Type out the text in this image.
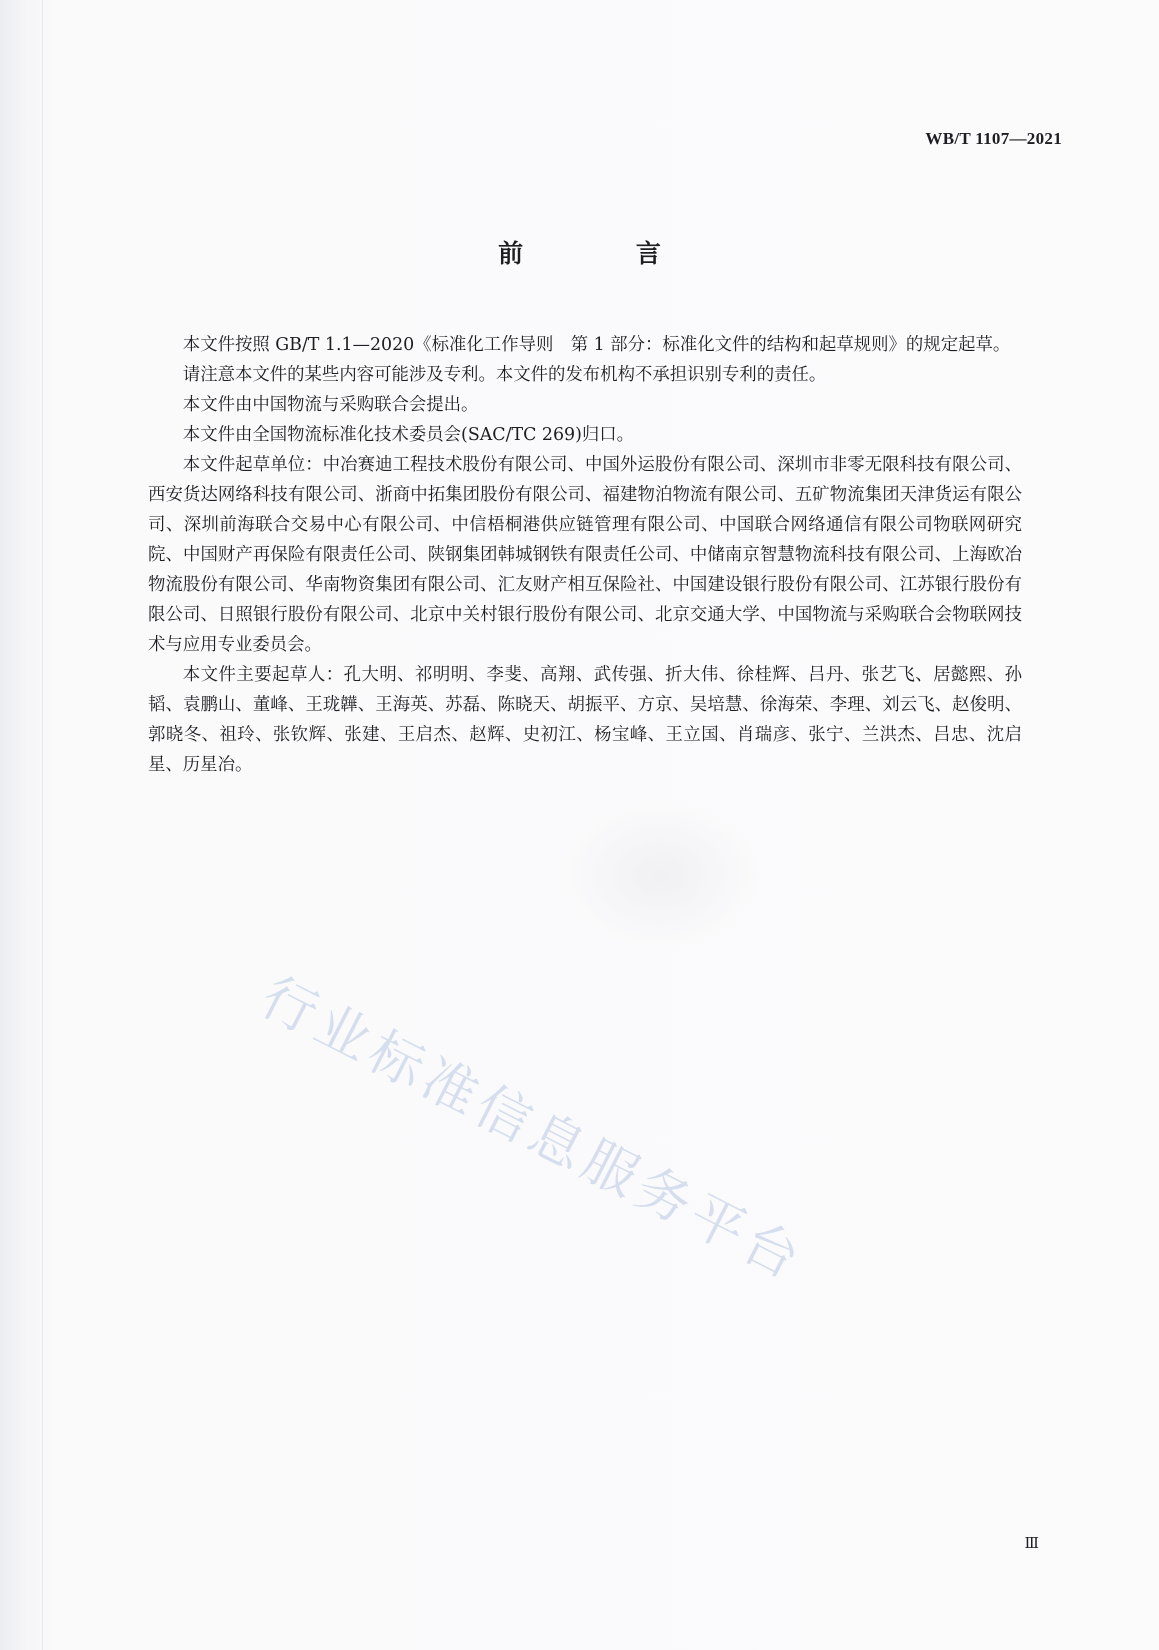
WB/T 1107—2021
前 言

本文件按照 GB/T 1.1—2020《标准化工作导则　第 1 部分：标准化文件的结构和起草规则》的规定起草。

请注意本文件的某些内容可能涉及专利。本文件的发布机构不承担识别专利的责任。

本文件由中国物流与采购联合会提出。

本文件由全国物流标准化技术委员会(SAC/TC 269)归口。

本文件起草单位：中冶赛迪工程技术股份有限公司、中国外运股份有限公司、深圳市非零无限科技有限公司、西安货达网络科技有限公司、浙商中拓集团股份有限公司、福建物泊物流有限公司、五矿物流集团天津货运有限公司、深圳前海联合交易中心有限公司、中信梧桐港供应链管理有限公司、中国联合网络通信有限公司物联网研究院、中国财产再保险有限责任公司、陕钢集团韩城钢铁有限责任公司、中储南京智慧物流科技有限公司、上海欧冶物流股份有限公司、华南物资集团有限公司、汇友财产相互保险社、中国建设银行股份有限公司、江苏银行股份有限公司、日照银行股份有限公司、北京中关村银行股份有限公司、北京交通大学、中国物流与采购联合会物联网技术与应用专业委员会。

本文件主要起草人：孔大明、祁明明、李斐、高翔、武传强、折大伟、徐桂辉、吕丹、张艺飞、居懿熙、孙韬、袁鹏山、董峰、王珑韡、王海英、苏磊、陈晓天、胡振平、方京、吴培慧、徐海荣、李理、刘云飞、赵俊明、郭晓冬、祖玲、张钦辉、张建、王启杰、赵辉、史初江、杨宝峰、王立国、肖瑞彦、张宁、兰洪杰、吕忠、沈启星、历星冶。

行业标准信息服务平台
Ⅲ
